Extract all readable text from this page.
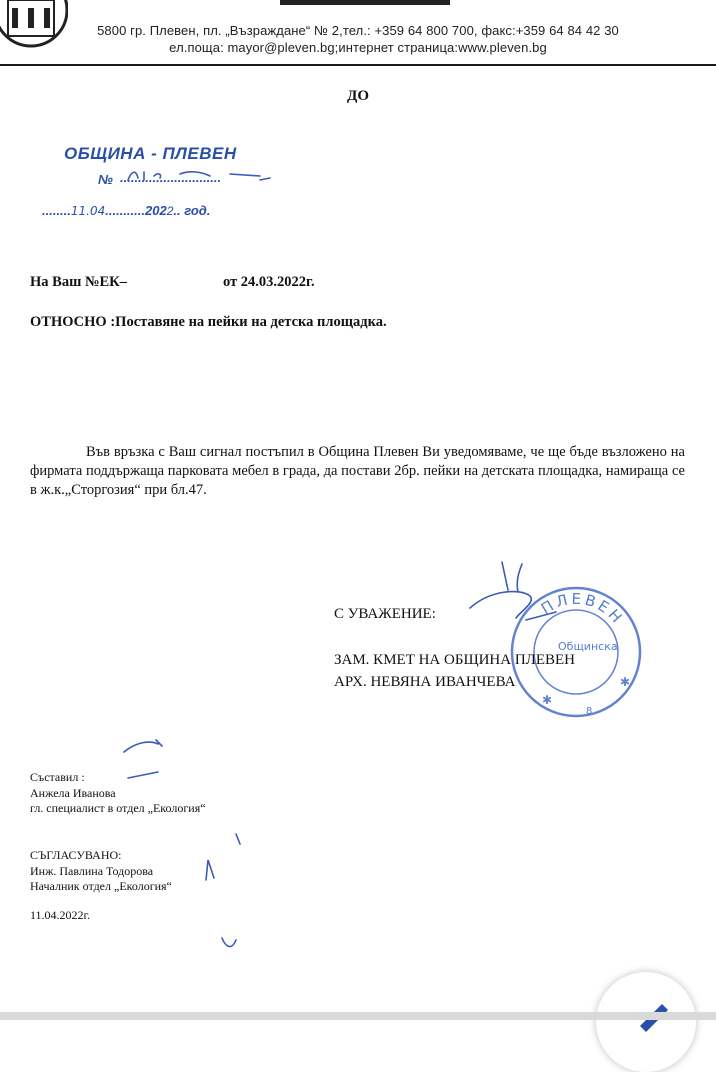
5800 гр. Плевен, пл. „Възраждане“ № 2,тел.: +359 64 800 700, факс:+359 64 84 42 30
ел.поща: mayor@pleven.bg;интернет страница:www.pleven.bg
ДО
ОБЩИНА - ПЛЕВЕН
№ ............................
........11.04...........2022.. год.
На Ваш №ЕК–	от 24.03.2022г.
ОТНОСНО :Поставяне на пейки на детска площадка.
Във връзка с Ваш сигнал постъпил в Община Плевен Ви уведомяваме, че ще бъде възложено на фирмата поддържаща парковата мебел в града, да постави 2бр. пейки на детската площадка, намираща се в ж.к.„Сторгозия“ при бл.47.
ПЛЕВЕН
Общинска
8
✱
✱
С УВАЖЕНИЕ:
ЗАМ. КМЕТ НА ОБЩИНА ПЛЕВЕН
АРХ. НЕВЯНА ИВАНЧЕВА
Съставил :
Анжела Иванова
гл. специалист в отдел „Екология“
СЪГЛАСУВАНО:
Инж. Павлина Тодорова
Началник отдел „Екология“
11.04.2022г.
